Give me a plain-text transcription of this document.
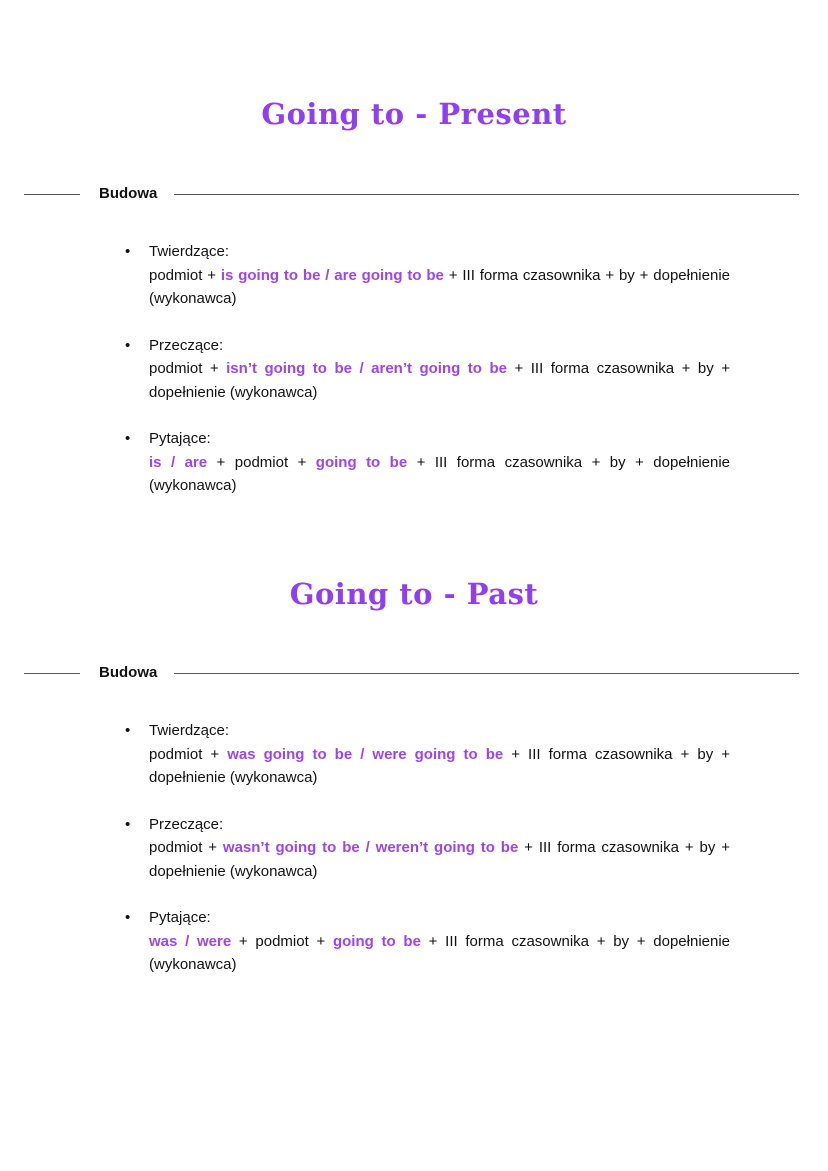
Going to - Present
Budowa
• Twierdzące:
podmiot + is going to be / are going to be + III forma czasownika + by + dopełnienie (wykonawca)
• Przeczące:
podmiot + isn’t going to be / aren’t going to be + III forma czasownika + by + dopełnienie (wykonawca)
• Pytające:
is / are + podmiot + going to be + III forma czasownika + by + dopełnienie (wykonawca)
Going to - Past
Budowa
• Twierdzące:
podmiot + was going to be / were going to be + III forma czasownika + by + dopełnienie (wykonawca)
• Przeczące:
podmiot + wasn’t going to be / weren’t going to be + III forma czasownika + by + dopełnienie (wykonawca)
• Pytające:
was / were + podmiot + going to be + III forma czasownika + by + dopełnienie (wykonawca)
